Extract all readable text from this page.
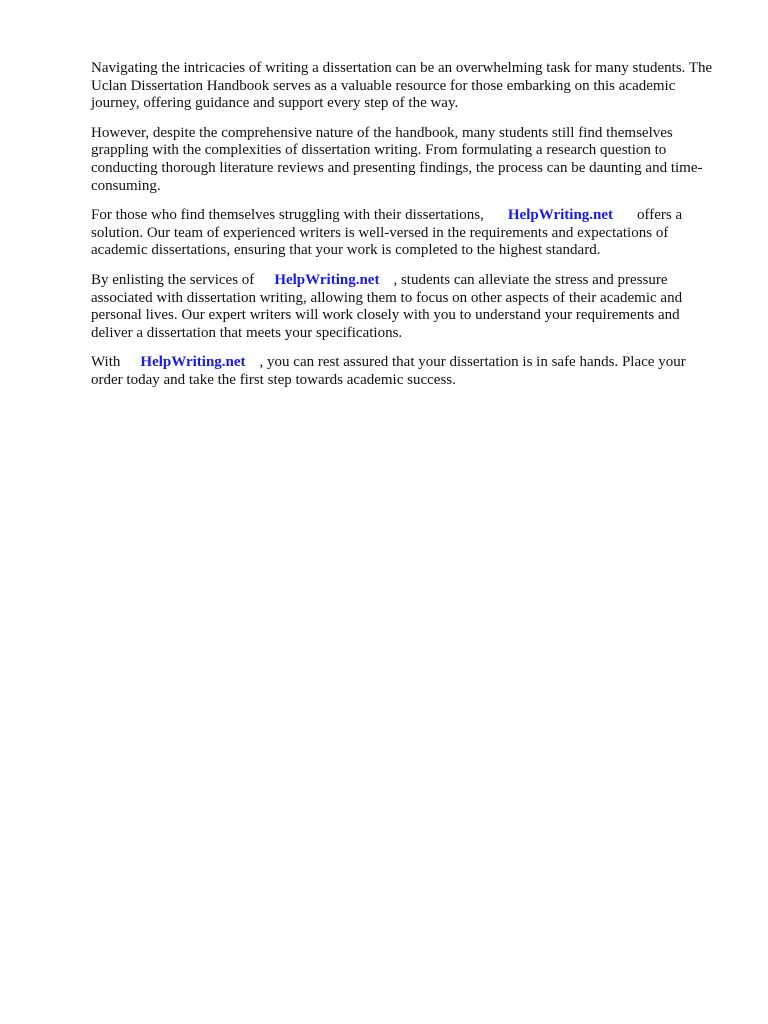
Navigating the intricacies of writing a dissertation can be an overwhelming task for many students. The Uclan Dissertation Handbook serves as a valuable resource for those embarking on this academic journey, offering guidance and support every step of the way.

However, despite the comprehensive nature of the handbook, many students still find themselves grappling with the complexities of dissertation writing. From formulating a research question to conducting thorough literature reviews and presenting findings, the process can be daunting and time-consuming.

For those who find themselves struggling with their dissertations, HelpWriting.net offers a solution. Our team of experienced writers is well-versed in the requirements and expectations of academic dissertations, ensuring that your work is completed to the highest standard.

By enlisting the services of HelpWriting.net , students can alleviate the stress and pressure associated with dissertation writing, allowing them to focus on other aspects of their academic and personal lives. Our expert writers will work closely with you to understand your requirements and deliver a dissertation that meets your specifications.

With HelpWriting.net , you can rest assured that your dissertation is in safe hands. Place your order today and take the first step towards academic success.
